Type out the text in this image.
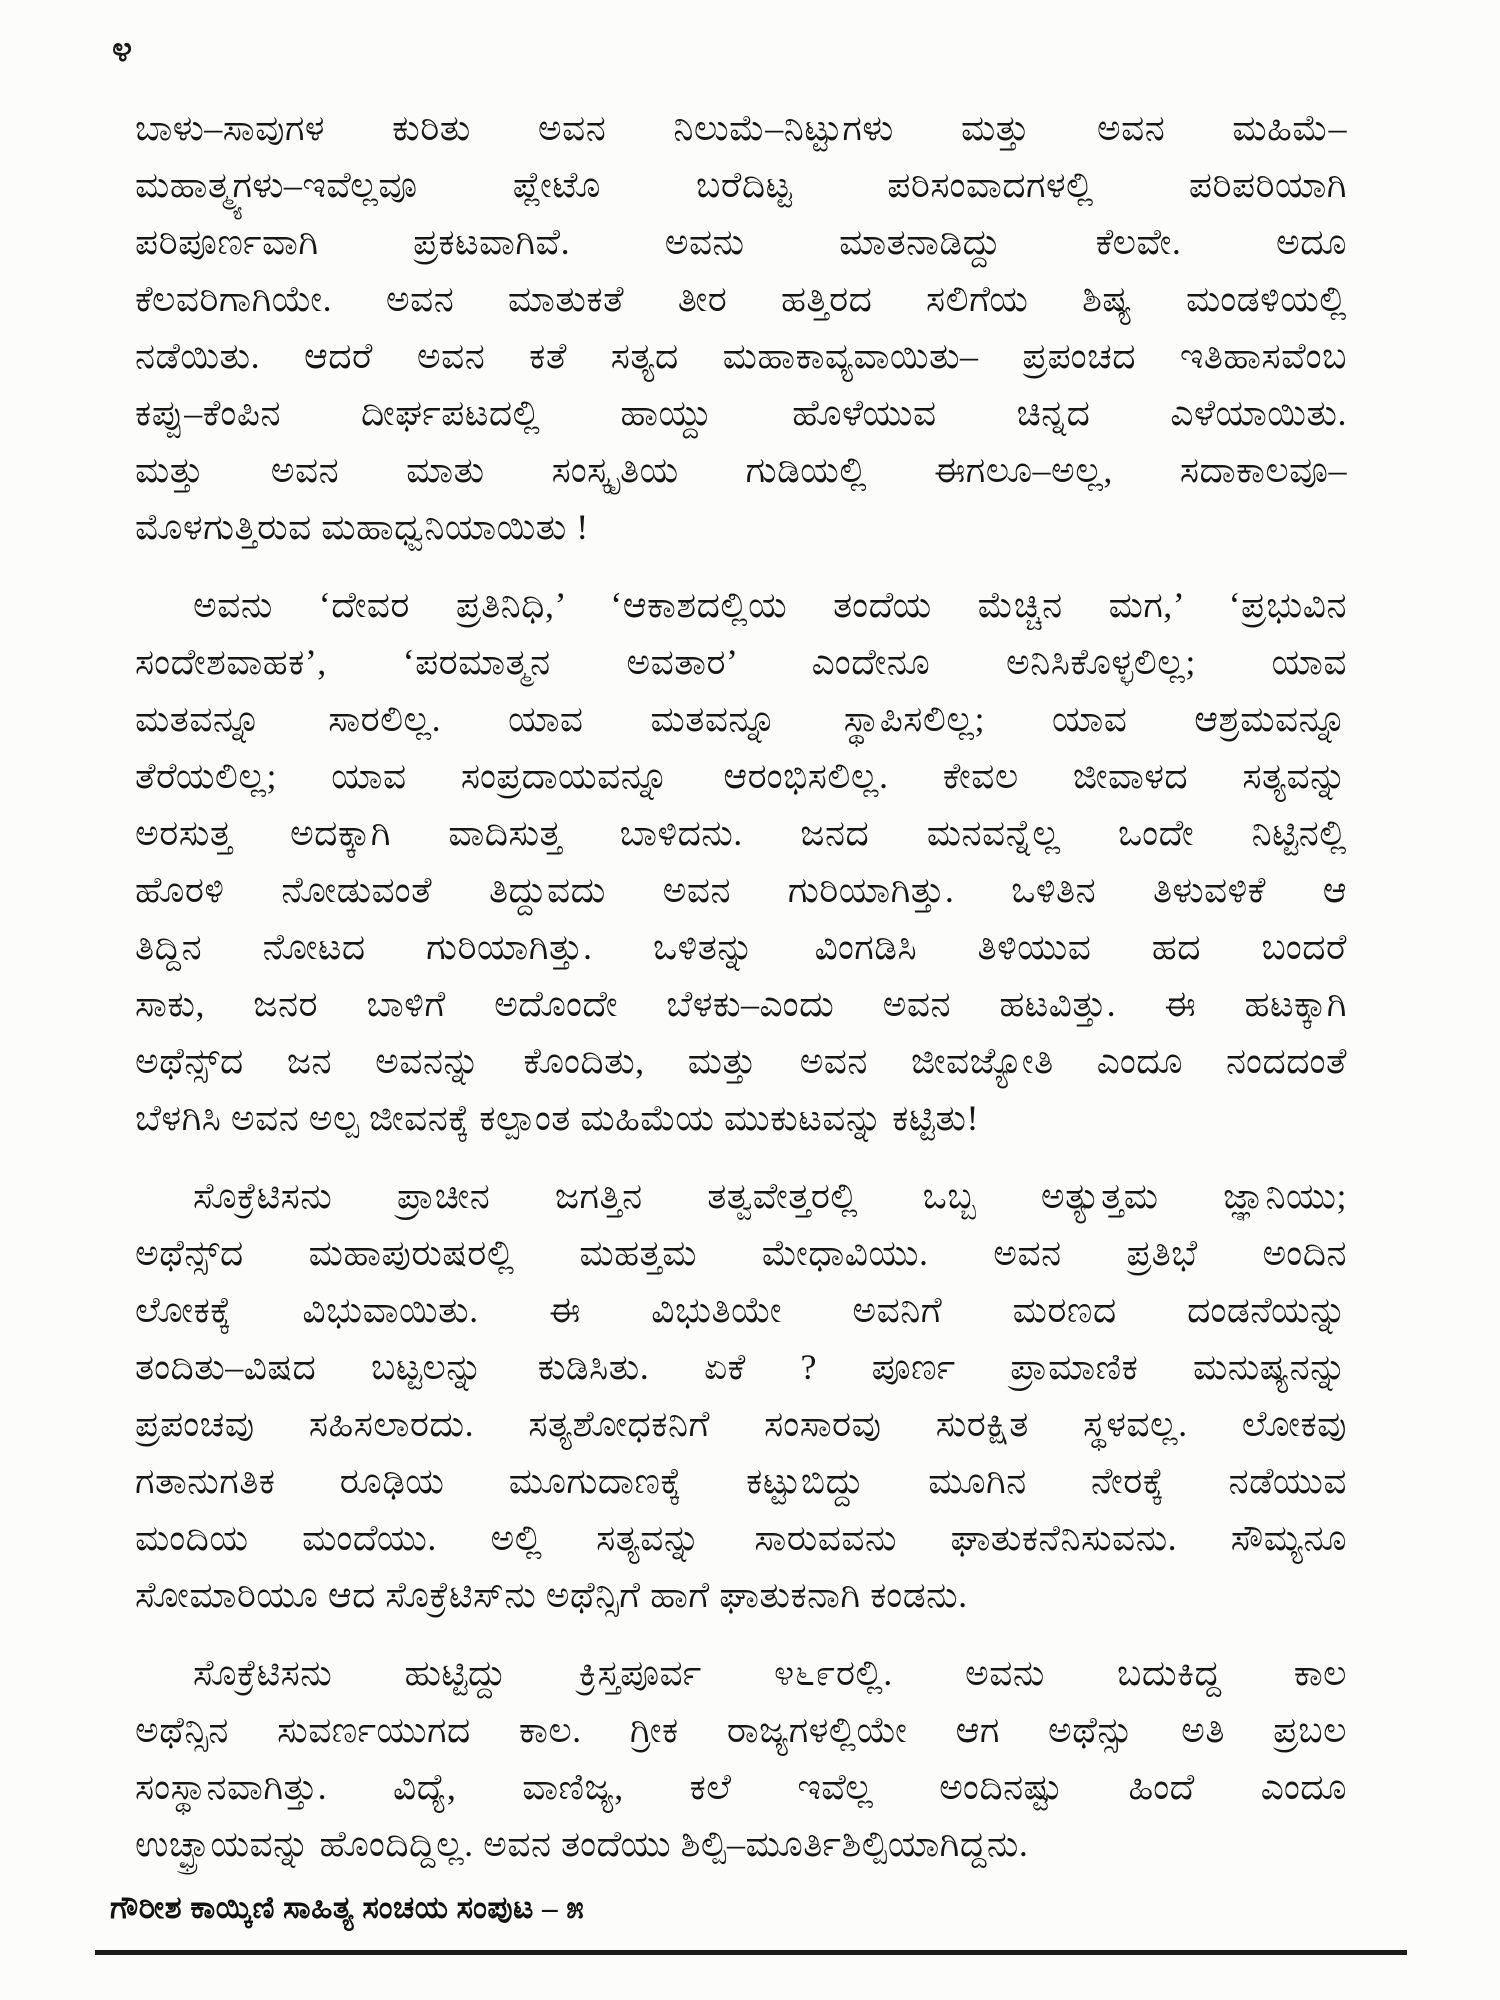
೪
ಬಾಳು–ಸಾವುಗಳ ಕುರಿತು ಅವನ ನಿಲುಮೆ–ನಿಟ್ಟುಗಳು ಮತ್ತು ಅವನ ಮಹಿಮೆ–
ಮಹಾತ್ಮ್ಯಗಳು–ಇವೆಲ್ಲವೂ ಪ್ಲೇಟೊ ಬರೆದಿಟ್ಟ ಪರಿಸಂವಾದಗಳಲ್ಲಿ ಪರಿಪರಿಯಾಗಿ
ಪರಿಪೂರ್ಣವಾಗಿ ಪ್ರಕಟವಾಗಿವೆ. ಅವನು ಮಾತನಾಡಿದ್ದು ಕೆಲವೇ. ಅದೂ
ಕೆಲವರಿಗಾಗಿಯೇ. ಅವನ ಮಾತುಕತೆ ತೀರ ಹತ್ತಿರದ ಸಲಿಗೆಯ ಶಿಷ್ಯ ಮಂಡಳಿಯಲ್ಲಿ
ನಡೆಯಿತು. ಆದರೆ ಅವನ ಕತೆ ಸತ್ಯದ ಮಹಾಕಾವ್ಯವಾಯಿತು– ಪ್ರಪಂಚದ ಇತಿಹಾಸವೆಂಬ
ಕಪ್ಪು–ಕೆಂಪಿನ ದೀರ್ಘಪಟದಲ್ಲಿ ಹಾಯ್ದು ಹೊಳೆಯುವ ಚಿನ್ನದ ಎಳೆಯಾಯಿತು.
ಮತ್ತು ಅವನ ಮಾತು ಸಂಸ್ಕೃತಿಯ ಗುಡಿಯಲ್ಲಿ ಈಗಲೂ–ಅಲ್ಲ, ಸದಾಕಾಲವೂ–
ಮೊಳಗುತ್ತಿರುವ ಮಹಾಧ್ವನಿಯಾಯಿತು !
ಅವನು ‘ದೇವರ ಪ್ರತಿನಿಧಿ,’ ‘ಆಕಾಶದಲ್ಲಿಯ ತಂದೆಯ ಮೆಚ್ಚಿನ ಮಗ,’ ‘ಪ್ರಭುವಿನ
ಸಂದೇಶವಾಹಕ’, ‘ಪರಮಾತ್ಮನ ಅವತಾರ’ ಎಂದೇನೂ ಅನಿಸಿಕೊಳ್ಳಲಿಲ್ಲ; ಯಾವ
ಮತವನ್ನೂ ಸಾರಲಿಲ್ಲ. ಯಾವ ಮತವನ್ನೂ ಸ್ಥಾಪಿಸಲಿಲ್ಲ; ಯಾವ ಆಶ್ರಮವನ್ನೂ
ತೆರೆಯಲಿಲ್ಲ; ಯಾವ ಸಂಪ್ರದಾಯವನ್ನೂ ಆರಂಭಿಸಲಿಲ್ಲ. ಕೇವಲ ಜೀವಾಳದ ಸತ್ಯವನ್ನು
ಅರಸುತ್ತ ಅದಕ್ಕಾಗಿ ವಾದಿಸುತ್ತ ಬಾಳಿದನು. ಜನದ ಮನವನ್ನೆಲ್ಲ ಒಂದೇ ನಿಟ್ಟಿನಲ್ಲಿ
ಹೊರಳಿ ನೋಡುವಂತೆ ತಿದ್ದುವದು ಅವನ ಗುರಿಯಾಗಿತ್ತು. ಒಳಿತಿನ ತಿಳುವಳಿಕೆ ಆ
ತಿದ್ದಿನ ನೋಟದ ಗುರಿಯಾಗಿತ್ತು. ಒಳಿತನ್ನು ವಿಂಗಡಿಸಿ ತಿಳಿಯುವ ಹದ ಬಂದರೆ
ಸಾಕು, ಜನರ ಬಾಳಿಗೆ ಅದೊಂದೇ ಬೆಳಕು–ಎಂದು ಅವನ ಹಟವಿತ್ತು. ಈ ಹಟಕ್ಕಾಗಿ
ಅಥೆನ್ಸ್‌ದ ಜನ ಅವನನ್ನು ಕೊಂದಿತು, ಮತ್ತು ಅವನ ಜೀವಜ್ಯೋತಿ ಎಂದೂ ನಂದದಂತೆ
ಬೆಳಗಿಸಿ ಅವನ ಅಲ್ಪ ಜೀವನಕ್ಕೆ ಕಲ್ಪಾಂತ ಮಹಿಮೆಯ ಮುಕುಟವನ್ನು ಕಟ್ಟಿತು!
ಸೊಕ್ರೆಟಿಸನು ಪ್ರಾಚೀನ ಜಗತ್ತಿನ ತತ್ವವೇತ್ತರಲ್ಲಿ ಒಬ್ಬ ಅತ್ಯುತ್ತಮ ಜ್ಞಾನಿಯು;
ಅಥೆನ್ಸ್‌ದ ಮಹಾಪುರುಷರಲ್ಲಿ ಮಹತ್ತಮ ಮೇಧಾವಿಯು. ಅವನ ಪ್ರತಿಭೆ ಅಂದಿನ
ಲೋಕಕ್ಕೆ ವಿಭುವಾಯಿತು. ಈ ವಿಭುತಿಯೇ ಅವನಿಗೆ ಮರಣದ ದಂಡನೆಯನ್ನು
ತಂದಿತು–ವಿಷದ ಬಟ್ಟಲನ್ನು ಕುಡಿಸಿತು. ಏಕೆ ? ಪೂರ್ಣ ಪ್ರಾಮಾಣಿಕ ಮನುಷ್ಯನನ್ನು
ಪ್ರಪಂಚವು ಸಹಿಸಲಾರದು. ಸತ್ಯಶೋಧಕನಿಗೆ ಸಂಸಾರವು ಸುರಕ್ಷಿತ ಸ್ಥಳವಲ್ಲ. ಲೋಕವು
ಗತಾನುಗತಿಕ ರೂಢಿಯ ಮೂಗುದಾಣಕ್ಕೆ ಕಟ್ಟುಬಿದ್ದು ಮೂಗಿನ ನೇರಕ್ಕೆ ನಡೆಯುವ
ಮಂದಿಯ ಮಂದೆಯು. ಅಲ್ಲಿ ಸತ್ಯವನ್ನು ಸಾರುವವನು ಘಾತುಕನೆನಿಸುವನು. ಸೌಮ್ಯನೂ
ಸೋಮಾರಿಯೂ ಆದ ಸೊಕ್ರೆಟಿಸ್‌ನು ಅಥೆನ್ಸಿಗೆ ಹಾಗೆ ಘಾತುಕನಾಗಿ ಕಂಡನು.
ಸೊಕ್ರೆಟಿಸನು ಹುಟ್ಟಿದ್ದು ಕ್ರಿಸ್ತಪೂರ್ವ ೪೬೯ರಲ್ಲಿ. ಅವನು ಬದುಕಿದ್ದ ಕಾಲ
ಅಥೆನ್ಸಿನ ಸುವರ್ಣಯುಗದ ಕಾಲ. ಗ್ರೀಕ ರಾಜ್ಯಗಳಲ್ಲಿಯೇ ಆಗ ಅಥೆನ್ಸು ಅತಿ ಪ್ರಬಲ
ಸಂಸ್ಥಾನವಾಗಿತ್ತು. ವಿದ್ಯೆ, ವಾಣಿಜ್ಯ, ಕಲೆ ಇವೆಲ್ಲ ಅಂದಿನಷ್ಟು ಹಿಂದೆ ಎಂದೂ
ಉಚ್ಛ್ರಾಯವನ್ನು ಹೊಂದಿದ್ದಿಲ್ಲ. ಅವನ ತಂದೆಯು ಶಿಲ್ಪಿ–ಮೂರ್ತಿಶಿಲ್ಪಿಯಾಗಿದ್ದನು.
ಗೌರೀಶ ಕಾಯ್ಕಿಣಿ ಸಾಹಿತ್ಯ ಸಂಚಯ ಸಂಪುಟ – ೫
